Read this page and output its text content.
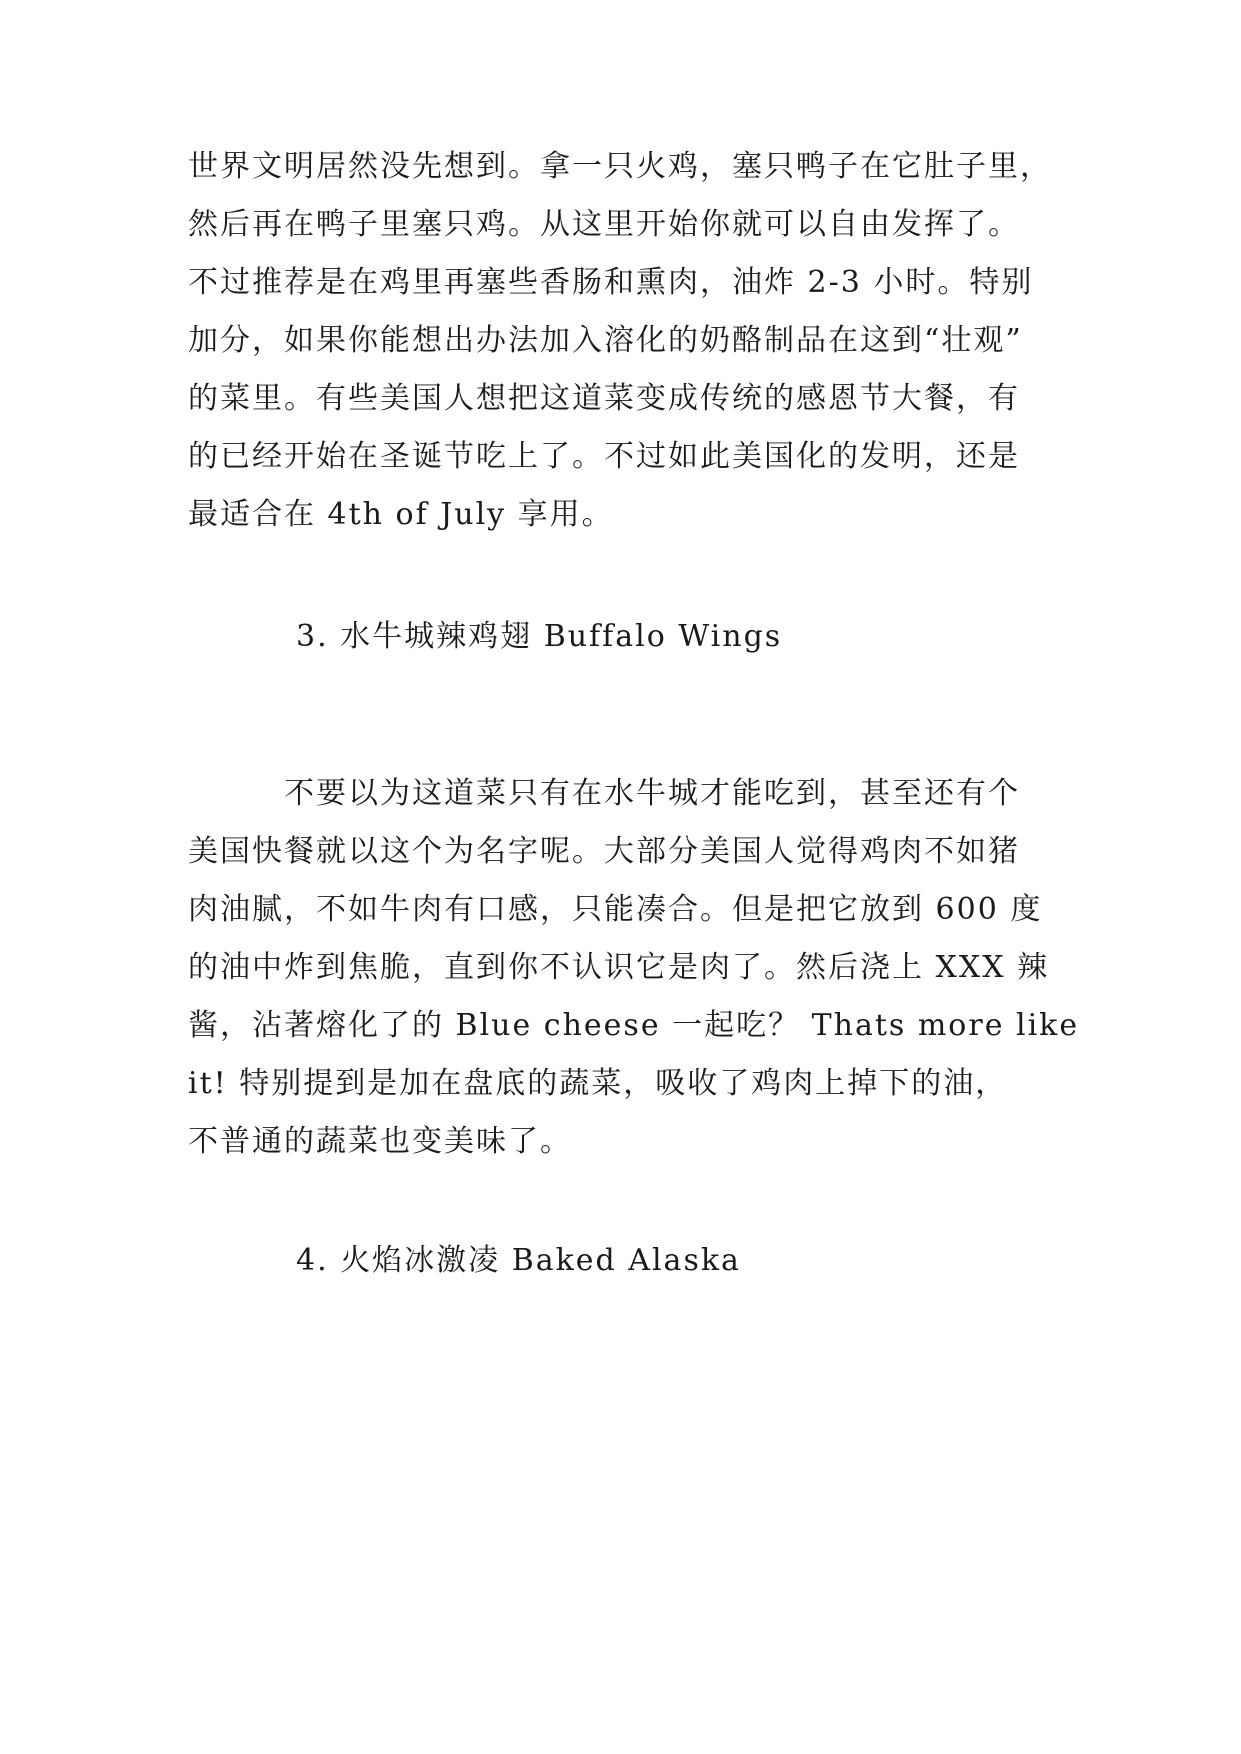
世界文明居然没先想到。拿一只火鸡，塞只鸭子在它肚子里，
然后再在鸭子里塞只鸡。从这里开始你就可以自由发挥了。
不过推荐是在鸡里再塞些香肠和熏肉，油炸 2-3 小时。特别
加分，如果你能想出办法加入溶化的奶酪制品在这到“壮观”
的菜里。有些美国人想把这道菜变成传统的感恩节大餐，有
的已经开始在圣诞节吃上了。不过如此美国化的发明，还是
最适合在 4th of July 享用。
3. 水牛城辣鸡翅 Buffalo Wings
　　　不要以为这道菜只有在水牛城才能吃到，甚至还有个
美国快餐就以这个为名字呢。大部分美国人觉得鸡肉不如猪
肉油腻，不如牛肉有口感，只能凑合。但是把它放到 600 度
的油中炸到焦脆，直到你不认识它是肉了。然后浇上 XXX 辣
酱，沾著熔化了的 Blue cheese 一起吃？ Thats more like
it! 特别提到是加在盘底的蔬菜，吸收了鸡肉上掉下的油，
不普通的蔬菜也变美味了。
4. 火焰冰激凌 Baked Alaska
